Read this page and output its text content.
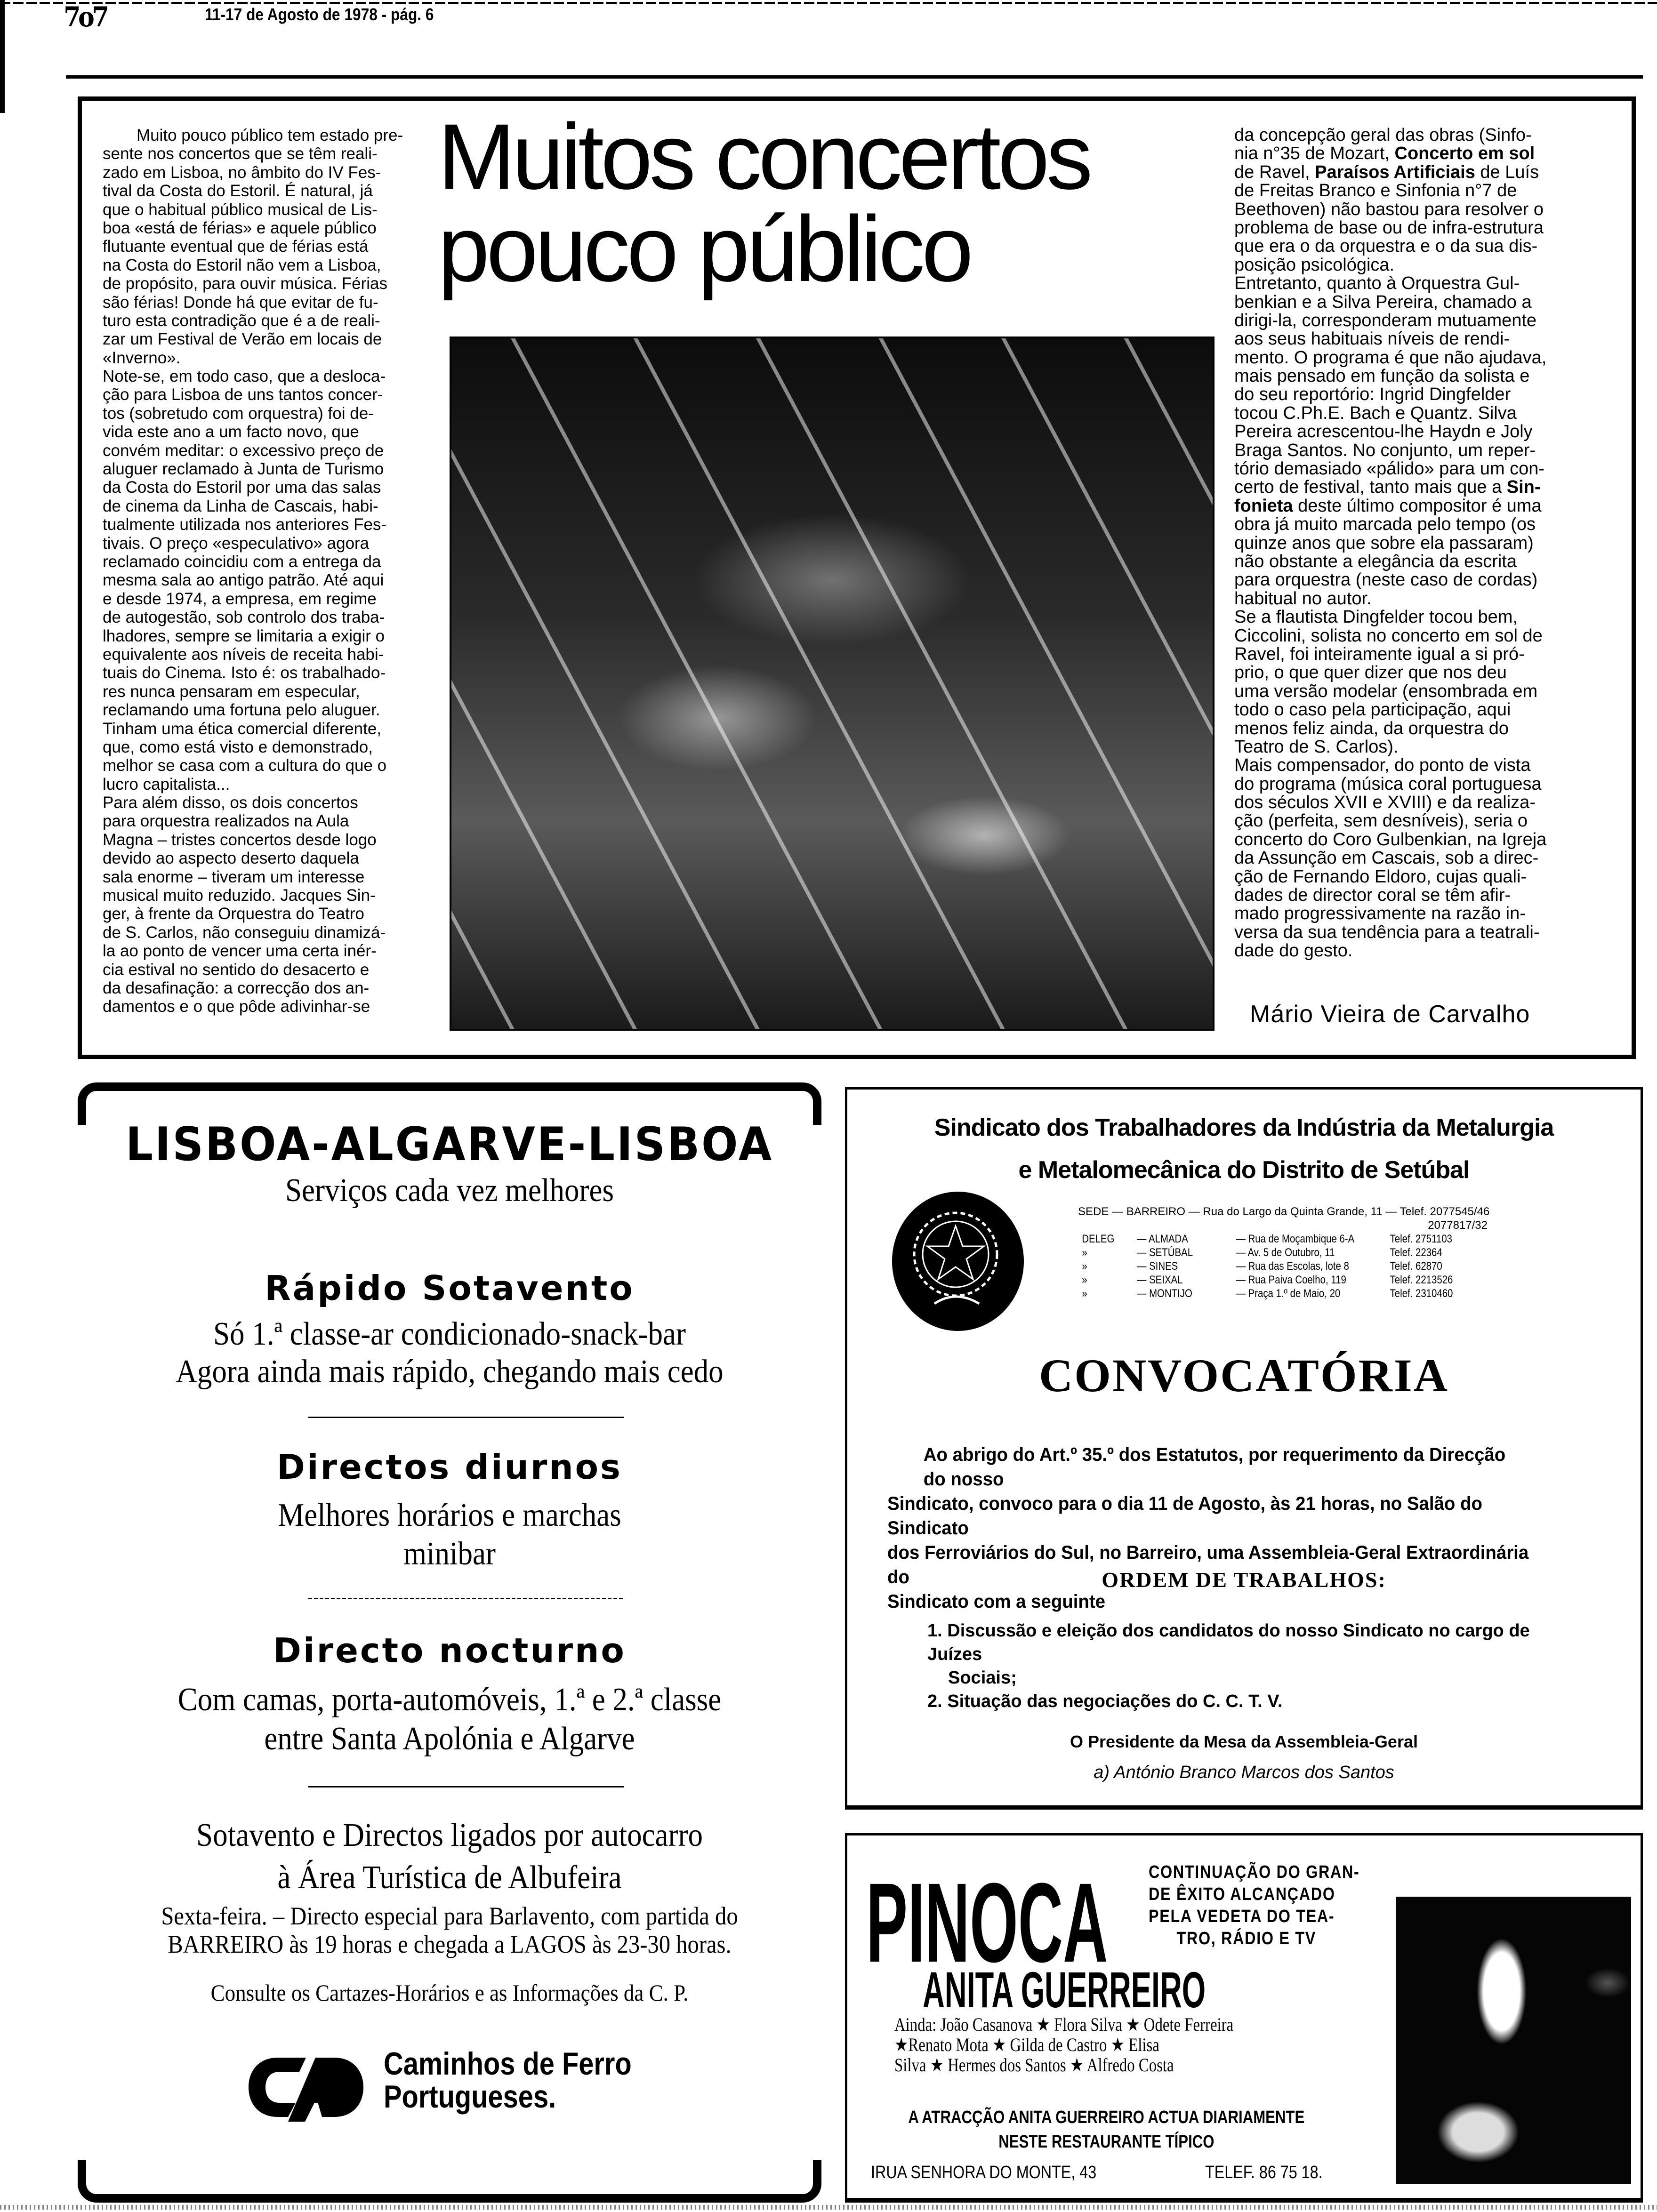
7o7	11-17 de Agosto de 1978 - pág. 6
Muito pouco público tem estado pre-
sente nos concertos que se têm reali-
zado em Lisboa, no âmbito do IV Fes-
tival da Costa do Estoril. É natural, já
que o habitual público musical de Lis-
boa «está de férias» e aquele público
flutuante eventual que de férias está
na Costa do Estoril não vem a Lisboa,
de propósito, para ouvir música. Férias
são férias! Donde há que evitar de fu-
turo esta contradição que é a de reali-
zar um Festival de Verão em locais de
«Inverno».
Note-se, em todo caso, que a desloca-
ção para Lisboa de uns tantos concer-
tos (sobretudo com orquestra) foi de-
vida este ano a um facto novo, que
convém meditar: o excessivo preço de
aluguer reclamado à Junta de Turismo
da Costa do Estoril por uma das salas
de cinema da Linha de Cascais, habi-
tualmente utilizada nos anteriores Fes-
tivais. O preço «especulativo» agora
reclamado coincidiu com a entrega da
mesma sala ao antigo patrão. Até aqui
e desde 1974, a empresa, em regime
de autogestão, sob controlo dos traba-
lhadores, sempre se limitaria a exigir o
equivalente aos níveis de receita habi-
tuais do Cinema. Isto é: os trabalhado-
res nunca pensaram em especular,
reclamando uma fortuna pelo aluguer.
Tinham uma ética comercial diferente,
que, como está visto e demonstrado,
melhor se casa com a cultura do que o
lucro capitalista...
Para além disso, os dois concertos
para orquestra realizados na Aula
Magna – tristes concertos desde logo
devido ao aspecto deserto daquela
sala enorme – tiveram um interesse
musical muito reduzido. Jacques Sin-
ger, à frente da Orquestra do Teatro
de S. Carlos, não conseguiu dinamizá-
la ao ponto de vencer uma certa inér-
cia estival no sentido do desacerto e
da desafinação: a correcção dos an-
damentos e o que pôde adivinhar-se
Muitos concertos
pouco público
da concepção geral das obras (Sinfo-
nia n°35 de Mozart, Concerto em sol
de Ravel, Paraísos Artificiais de Luís
de Freitas Branco e Sinfonia n°7 de
Beethoven) não bastou para resolver o
problema de base ou de infra-estrutura
que era o da orquestra e o da sua dis-
posição psicológica.
Entretanto, quanto à Orquestra Gul-
benkian e a Silva Pereira, chamado a
dirigi-la, corresponderam mutuamente
aos seus habituais níveis de rendi-
mento. O programa é que não ajudava,
mais pensado em função da solista e
do seu reportório: Ingrid Dingfelder
tocou C.Ph.E. Bach e Quantz. Silva
Pereira acrescentou-lhe Haydn e Joly
Braga Santos. No conjunto, um reper-
tório demasiado «pálido» para um con-
certo de festival, tanto mais que a Sin-
fonieta deste último compositor é uma
obra já muito marcada pelo tempo (os
quinze anos que sobre ela passaram)
não obstante a elegância da escrita
para orquestra (neste caso de cordas)
habitual no autor.
Se a flautista Dingfelder tocou bem,
Ciccolini, solista no concerto em sol de
Ravel, foi inteiramente igual a si pró-
prio, o que quer dizer que nos deu
uma versão modelar (ensombrada em
todo o caso pela participação, aqui
menos feliz ainda, da orquestra do
Teatro de S. Carlos).
Mais compensador, do ponto de vista
do programa (música coral portuguesa
dos séculos XVII e XVIII) e da realiza-
ção (perfeita, sem desníveis), seria o
concerto do Coro Gulbenkian, na Igreja
da Assunção em Cascais, sob a direc-
ção de Fernando Eldoro, cujas quali-
dades de director coral se têm afir-
mado progressivamente na razão in-
versa da sua tendência para a teatrali-
dade do gesto.
Mário Vieira de Carvalho
LISBOA-ALGARVE-LISBOA
Serviços cada vez melhores
Rápido Sotavento
Só 1.ª classe-ar condicionado-snack-bar
Agora ainda mais rápido, chegando mais cedo
Directos diurnos
Melhores horários e marchas
minibar
Directo nocturno
Com camas, porta-automóveis, 1.ª e 2.ª classe
entre Santa Apolónia e Algarve
Sotavento e Directos ligados por autocarro
à Área Turística de Albufeira
Sexta-feira. – Directo especial para Barlavento, com partida do
BARREIRO às 19 horas e chegada a LAGOS às 23-30 horas.
Consulte os Cartazes-Horários e as Informações da C. P.
Caminhos de Ferro
Portugueses.
Sindicato dos Trabalhadores da Indústria da Metalurgia
e Metalomecânica do Distrito de Setúbal
SEDE — BARREIRO — Rua do Largo da Quinta Grande, 11 — Telef. 2077545/46
2077817/32
DELEG	— ALMADA	— Rua de Moçambique 6-A	Telef. 2751103
»	— SETÚBAL	— Av. 5 de Outubro, 11	Telef. 22364
»	— SINES	— Rua das Escolas, lote 8	Telef. 62870
»	— SEIXAL	— Rua Paiva Coelho, 119	Telef. 2213526
»	— MONTIJO	— Praça 1.º de Maio, 20	Telef. 2310460
CONVOCATÓRIA
Ao abrigo do Art.º 35.º dos Estatutos, por requerimento da Direcção do nosso
Sindicato, convoco para o dia 11 de Agosto, às 21 horas, no Salão do Sindicato
dos Ferroviários do Sul, no Barreiro, uma Assembleia-Geral Extraordinária do
Sindicato com a seguinte
ORDEM DE TRABALHOS:
1. Discussão e eleição dos candidatos do nosso Sindicato no cargo de Juízes
Sociais;
2. Situação das negociações do C. C. T. V.
O Presidente da Mesa da Assembleia-Geral
a) António Branco Marcos dos Santos
PINOCA CONTINUAÇÃO DO GRAN-
DE ÊXITO ALCANÇADO
PELA VEDETA DO TEA-
TRO, RÁDIO E TV
ANITA GUERREIRO
Ainda: João Casanova ★ Flora Silva ★ Odete Ferreira
★Renato Mota ★ Gilda de Castro ★ Elisa
Silva ★ Hermes dos Santos ★ Alfredo Costa
A ATRACÇÃO ANITA GUERREIRO ACTUA DIARIAMENTE
NESTE RESTAURANTE TÍPICO
IRUA SENHORA DO MONTE, 43	TELEF. 86 75 18.
